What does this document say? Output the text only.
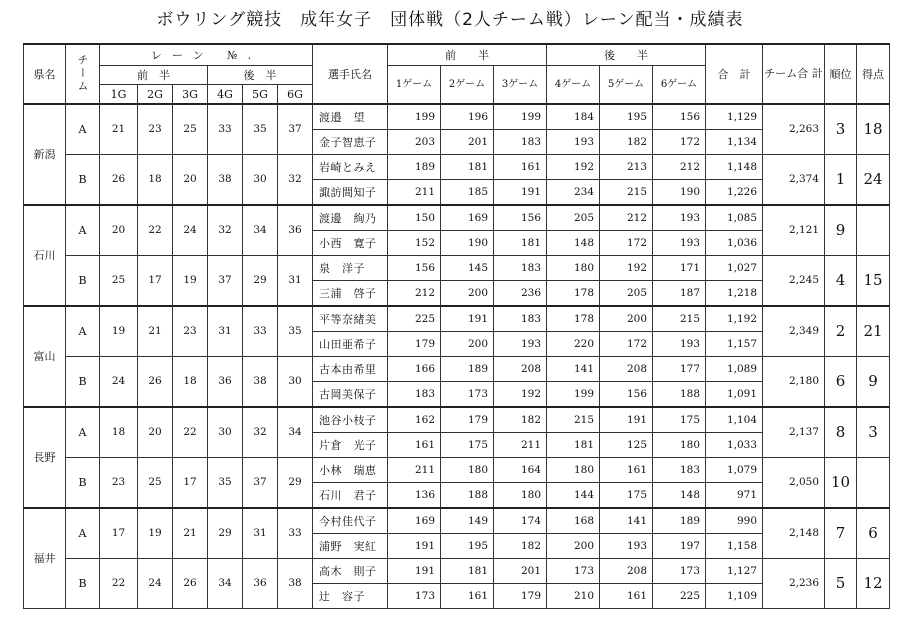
ボウリング競技　成年女子　団体戦（2人チーム戦）レーン配当・成績表
県名	チーム	レーン №.						選手氏名	前　　半			後　　半			合　計	チーム合 計	順位	得点
		前　半			後　半				1ゲーム	2ゲーム	3ゲーム	4ゲーム	5ゲーム	6ゲーム				
		1G	2G	3G	4G	5G	6G											
新潟	A	21	23	25	33	35	37	渡邉　望	199	196	199	184	195	156	1,129	2,263	3	18
								金子智恵子	203	201	183	193	182	172	1,134			
	B	26	18	20	38	30	32	岩崎とみえ	189	181	161	192	213	212	1,148	2,374	1	24
								諏訪間知子	211	185	191	234	215	190	1,226			
石川	A	20	22	24	32	34	36	渡邊　絢乃	150	169	156	205	212	193	1,085	2,121	9	
								小西　寛子	152	190	181	148	172	193	1,036			
	B	25	17	19	37	29	31	泉　洋子	156	145	183	180	192	171	1,027	2,245	4	15
								三浦　啓子	212	200	236	178	205	187	1,218			
富山	A	19	21	23	31	33	35	平等奈緒美	225	191	183	178	200	215	1,192	2,349	2	21
								山田亜希子	179	200	193	220	172	193	1,157			
	B	24	26	18	36	38	30	古本由希里	166	189	208	141	208	177	1,089	2,180	6	9
								古岡美保子	183	173	192	199	156	188	1,091			
長野	A	18	20	22	30	32	34	池谷小枝子	162	179	182	215	191	175	1,104	2,137	8	3
								片倉　光子	161	175	211	181	125	180	1,033			
	B	23	25	17	35	37	29	小林　瑞恵	211	180	164	180	161	183	1,079	2,050	10	
								石川　君子	136	188	180	144	175	148	971			
福井	A	17	19	21	29	31	33	今村佳代子	169	149	174	168	141	189	990	2,148	7	6
								浦野　実紅	191	195	182	200	193	197	1,158			
	B	22	24	26	34	36	38	高木　則子	191	181	201	173	208	173	1,127	2,236	5	12
								辻　容子	173	161	179	210	161	225	1,109			
